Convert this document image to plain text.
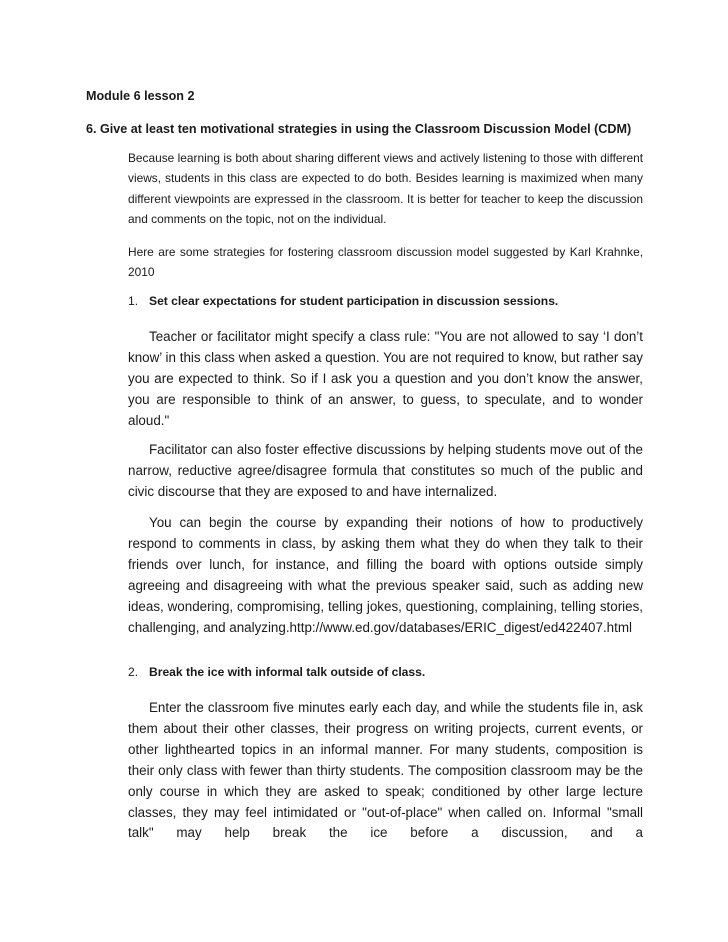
Module 6 lesson 2
6. Give at least ten motivational strategies in using the Classroom Discussion Model (CDM)
Because learning is both about sharing different views and actively listening to those with different views, students in this class are expected to do both. Besides learning is maximized when many different viewpoints are expressed in the classroom. It is better for teacher to keep the discussion and comments on the topic, not on the individual.
Here are some strategies for fostering classroom discussion model suggested by Karl Krahnke, 2010
1. Set clear expectations for student participation in discussion sessions.
Teacher or facilitator might specify a class rule: "You are not allowed to say ‘I don’t know’ in this class when asked a question. You are not required to know, but rather say you are expected to think. So if I ask you a question and you don’t know the answer, you are responsible to think of an answer, to guess, to speculate, and to wonder aloud."
Facilitator can also foster effective discussions by helping students move out of the narrow, reductive agree/disagree formula that constitutes so much of the public and civic discourse that they are exposed to and have internalized.
You can begin the course by expanding their notions of how to productively respond to comments in class, by asking them what they do when they talk to their friends over lunch, for instance, and filling the board with options outside simply agreeing and disagreeing with what the previous speaker said, such as adding new ideas, wondering, compromising, telling jokes, questioning, complaining, telling stories, challenging, and analyzing.http://www.ed.gov/databases/ERIC_digest/ed422407.html
2. Break the ice with informal talk outside of class.
Enter the classroom five minutes early each day, and while the students file in, ask them about their other classes, their progress on writing projects, current events, or other lighthearted topics in an informal manner. For many students, composition is their only class with fewer than thirty students. The composition classroom may be the only course in which they are asked to speak; conditioned by other large lecture classes, they may feel intimidated or "out-of-place" when called on. Informal "small talk" may help break the ice before a discussion, and a
